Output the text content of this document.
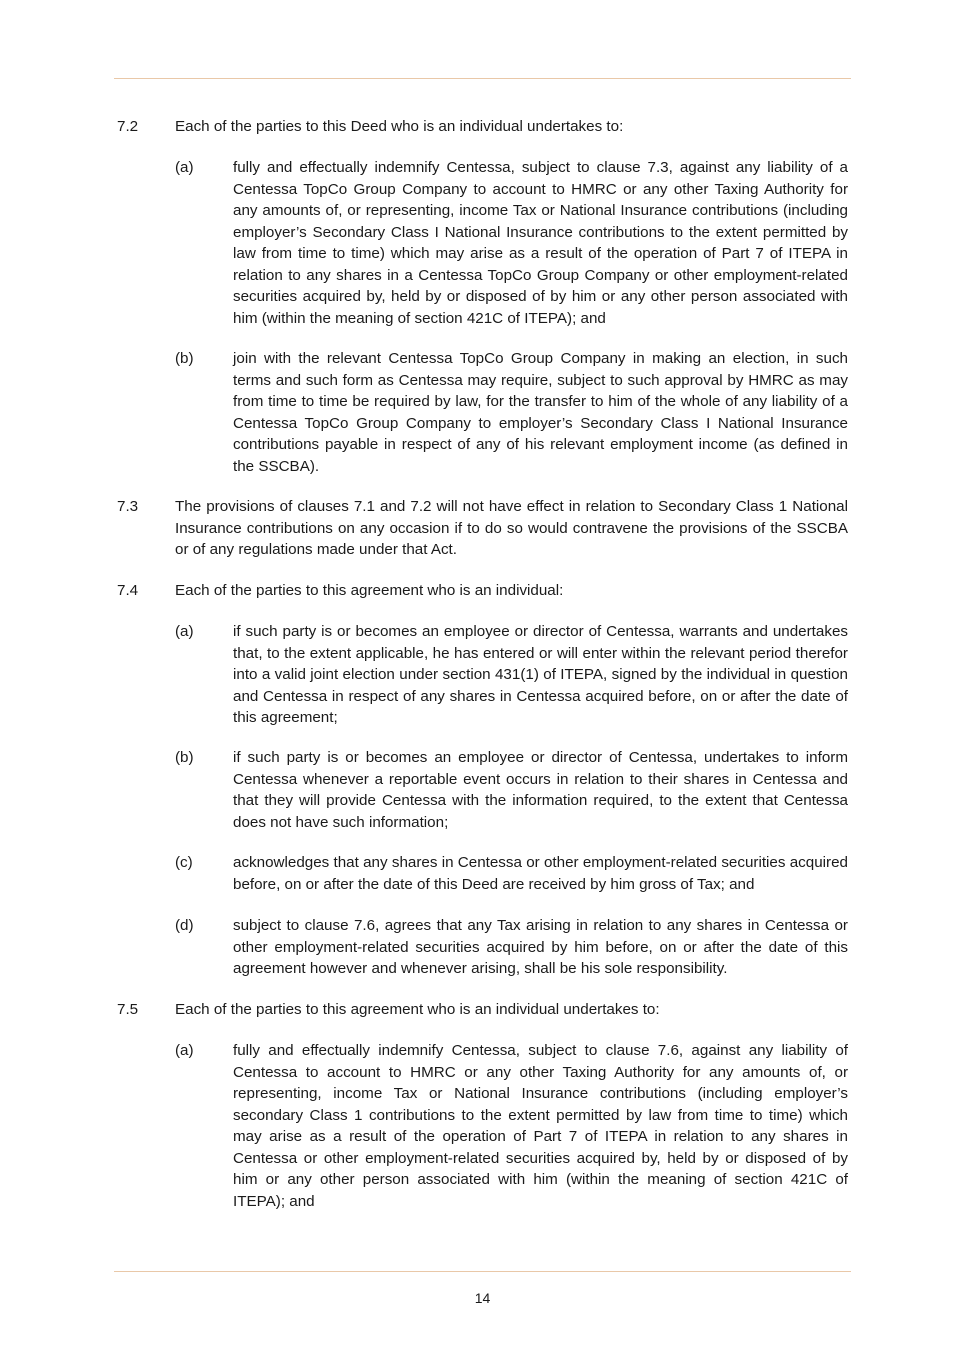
7.2 Each of the parties to this Deed who is an individual undertakes to:
(a)	fully and effectually indemnify Centessa, subject to clause 7.3, against any liability of a Centessa TopCo Group Company to account to HMRC or any other Taxing Authority for any amounts of, or representing, income Tax or National Insurance contributions (including employer’s Secondary Class I National Insurance contributions to the extent permitted by law from time to time) which may arise as a result of the operation of Part 7 of ITEPA in relation to any shares in a Centessa TopCo Group Company or other employment-related securities acquired by, held by or disposed of by him or any other person associated with him (within the meaning of section 421C of ITEPA); and
(b)	join with the relevant Centessa TopCo Group Company in making an election, in such terms and such form as Centessa may require, subject to such approval by HMRC as may from time to time be required by law, for the transfer to him of the whole of any liability of a Centessa TopCo Group Company to employer’s Secondary Class I National Insurance contributions payable in respect of any of his relevant employment income (as defined in the SSCBA).
7.3 The provisions of clauses 7.1 and 7.2 will not have effect in relation to Secondary Class 1 National Insurance contributions on any occasion if to do so would contravene the provisions of the SSCBA or of any regulations made under that Act.
7.4 Each of the parties to this agreement who is an individual:
(a)	if such party is or becomes an employee or director of Centessa, warrants and undertakes that, to the extent applicable, he has entered or will enter within the relevant period therefor into a valid joint election under section 431(1) of ITEPA, signed by the individual in question and Centessa in respect of any shares in Centessa acquired before, on or after the date of this agreement;
(b)	if such party is or becomes an employee or director of Centessa, undertakes to inform Centessa whenever a reportable event occurs in relation to their shares in Centessa and that they will provide Centessa with the information required, to the extent that Centessa does not have such information;
(c)	acknowledges that any shares in Centessa or other employment-related securities acquired before, on or after the date of this Deed are received by him gross of Tax; and
(d)	subject to clause 7.6, agrees that any Tax arising in relation to any shares in Centessa or other employment-related securities acquired by him before, on or after the date of this agreement however and whenever arising, shall be his sole responsibility.
7.5 Each of the parties to this agreement who is an individual undertakes to:
(a)	fully and effectually indemnify Centessa, subject to clause 7.6, against any liability of Centessa to account to HMRC or any other Taxing Authority for any amounts of, or representing, income Tax or National Insurance contributions (including employer’s secondary Class 1 contributions to the extent permitted by law from time to time) which may arise as a result of the operation of Part 7 of ITEPA in relation to any shares in Centessa or other employment-related securities acquired by, held by or disposed of by him or any other person associated with him (within the meaning of section 421C of ITEPA); and
14
